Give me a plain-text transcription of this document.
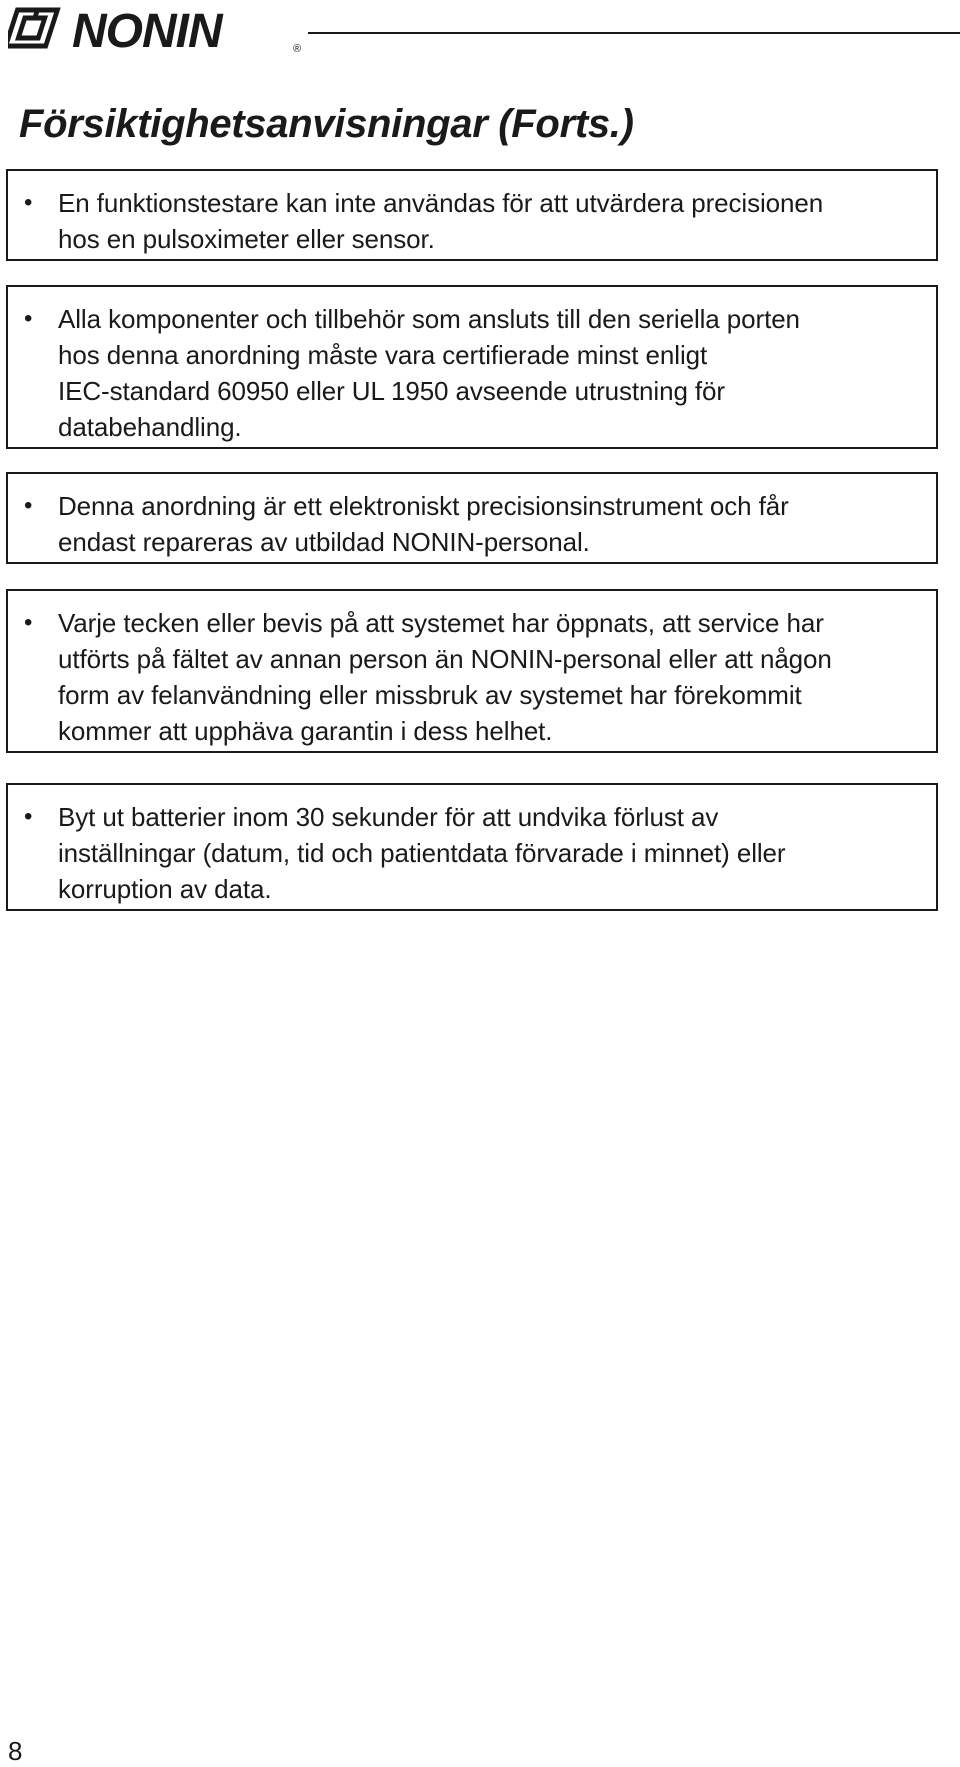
NONIN	®
Försiktighetsanvisningar (Forts.)
• En funktionstestare kan inte användas för att utvärdera precisionen
hos en pulsoximeter eller sensor.

• Alla komponenter och tillbehör som ansluts till den seriella porten
hos denna anordning måste vara certifierade minst enligt
IEC-standard 60950 eller UL 1950 avseende utrustning för
databehandling.

• Denna anordning är ett elektroniskt precisionsinstrument och får
endast repareras av utbildad NONIN-personal.

• Varje tecken eller bevis på att systemet har öppnats, att service har
utförts på fältet av annan person än NONIN-personal eller att någon
form av felanvändning eller missbruk av systemet har förekommit
kommer att upphäva garantin i dess helhet.

• Byt ut batterier inom 30 sekunder för att undvika förlust av
inställningar (datum, tid och patientdata förvarade i minnet) eller
korruption av data.

8
